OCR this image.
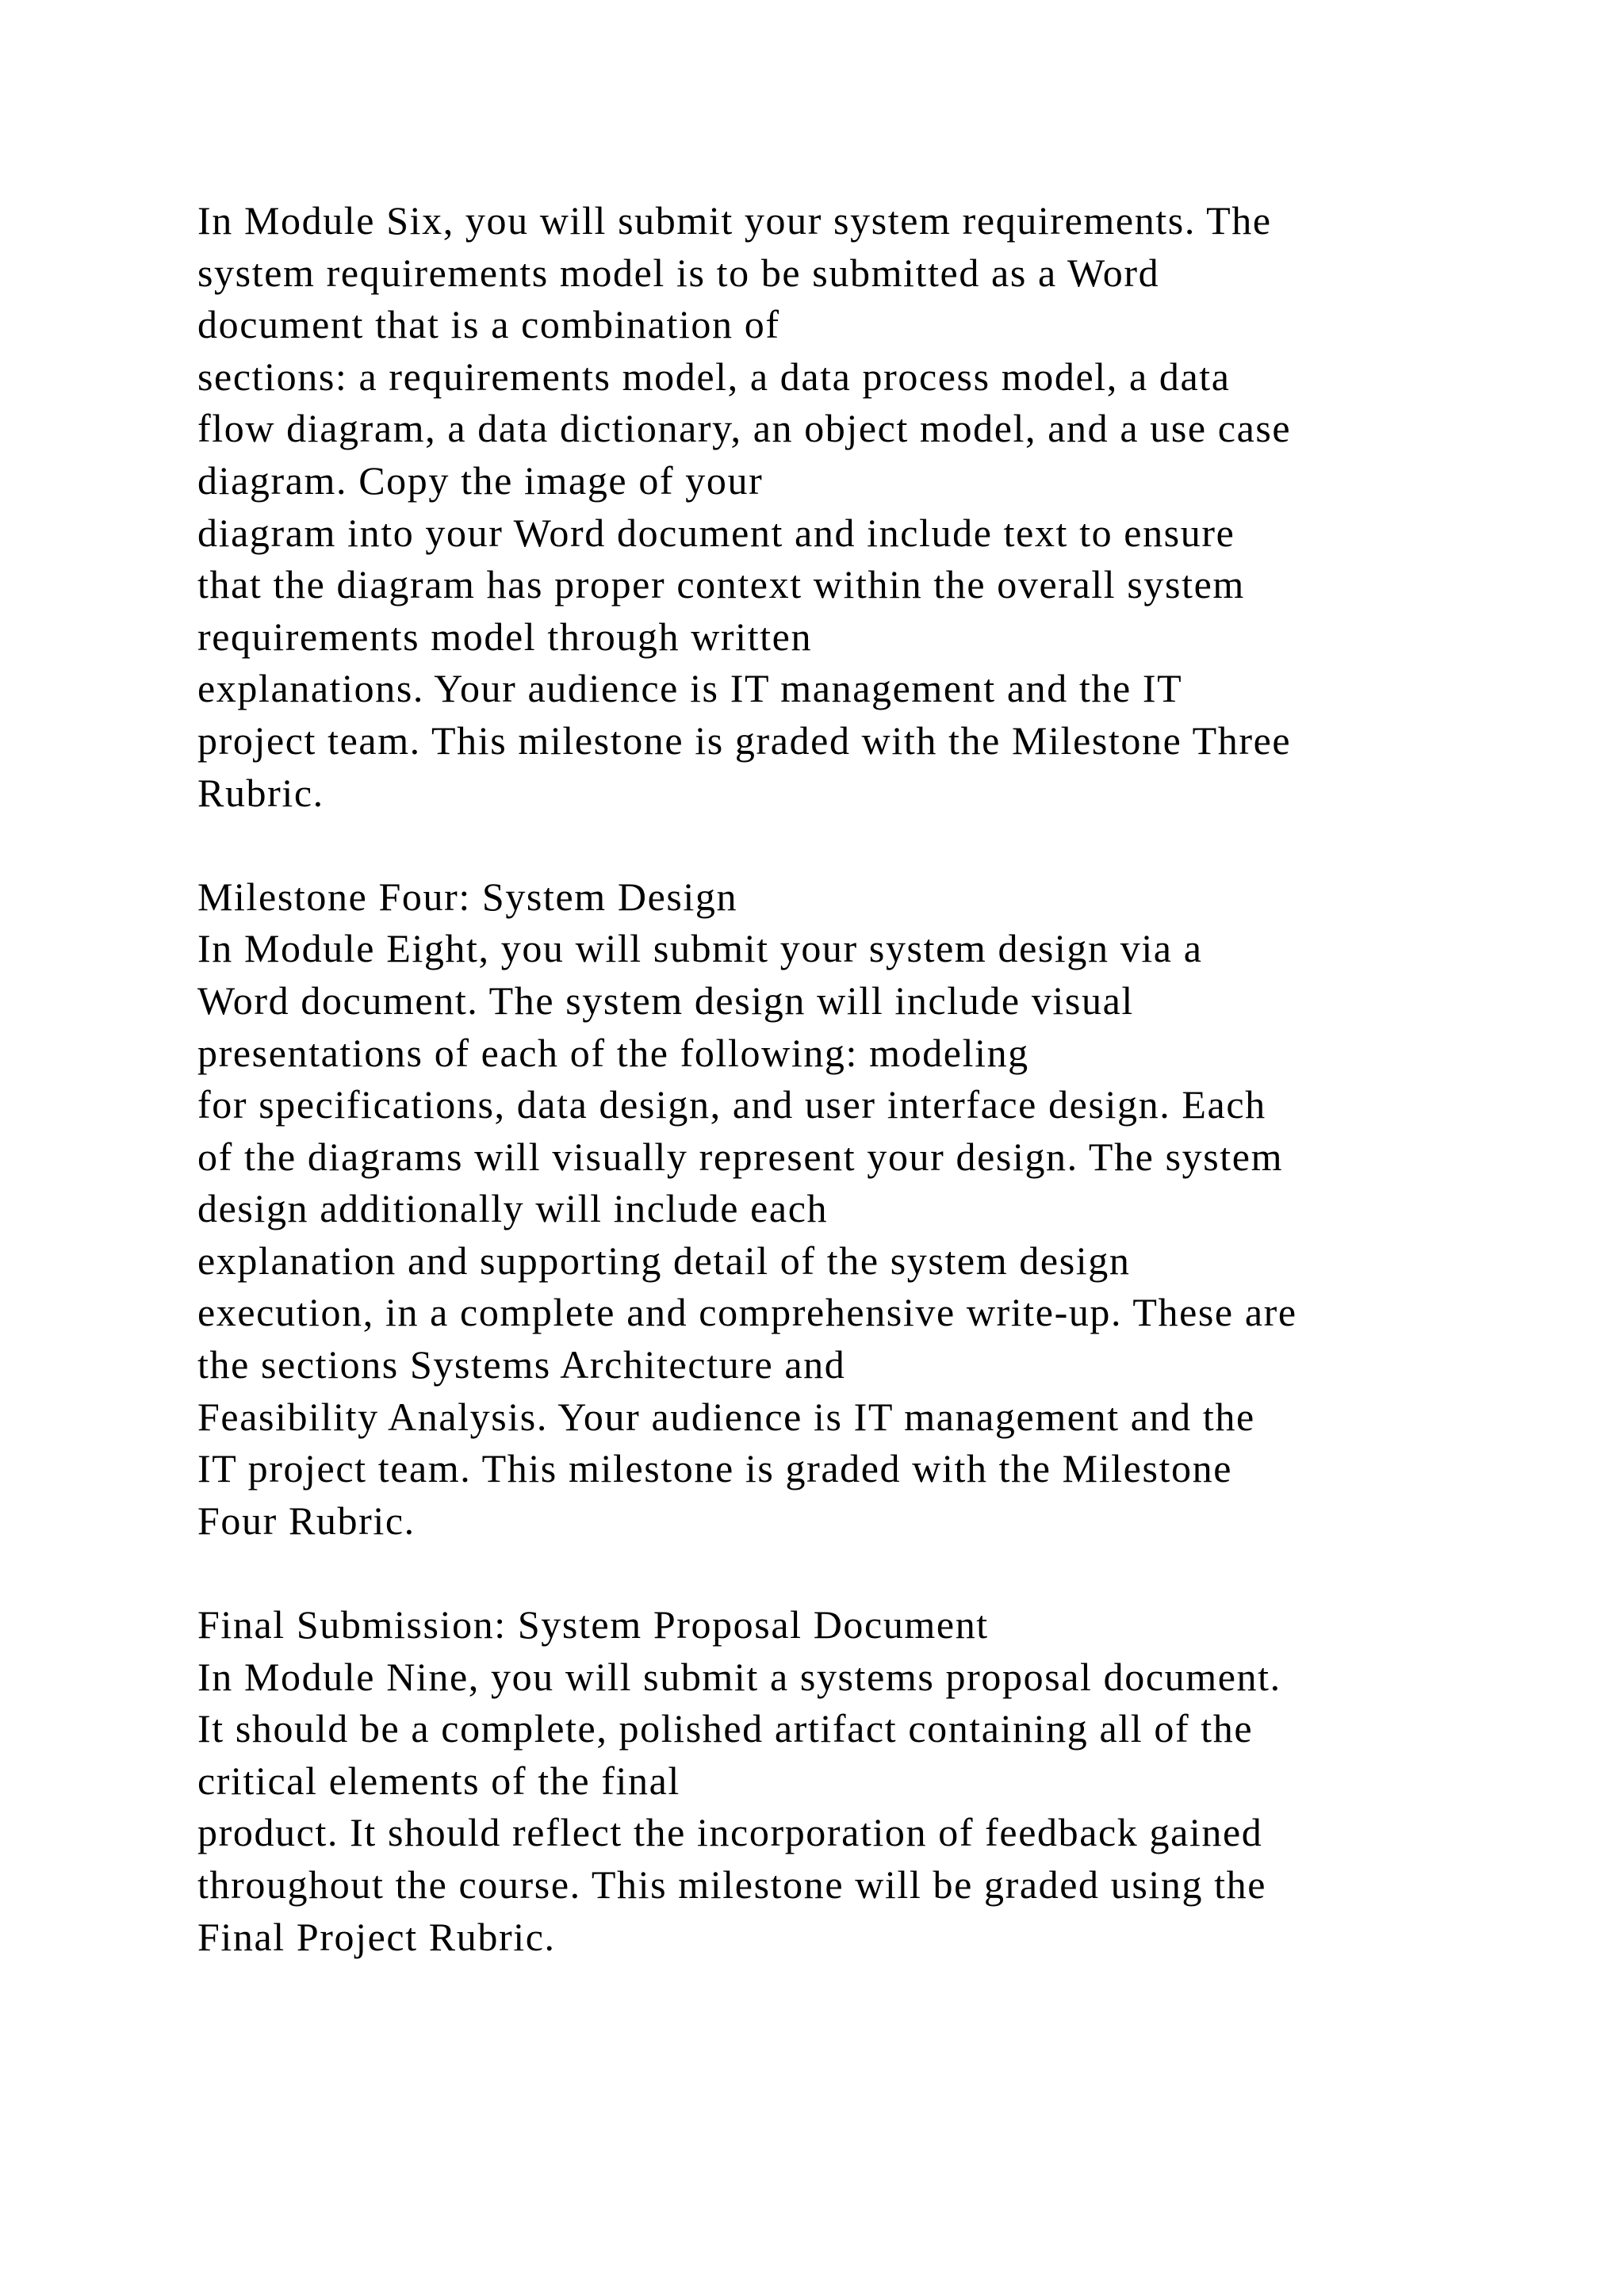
In Module Six, you will submit your system requirements. The
system requirements model is to be submitted as a Word
document that is a combination of
sections: a requirements model, a data process model, a data
flow diagram, a data dictionary, an object model, and a use case
diagram. Copy the image of your
diagram into your Word document and include text to ensure
that the diagram has proper context within the overall system
requirements model through written
explanations. Your audience is IT management and the IT
project team. This milestone is graded with the Milestone Three
Rubric.
Milestone Four: System Design
In Module Eight, you will submit your system design via a
Word document. The system design will include visual
presentations of each of the following: modeling
for specifications, data design, and user interface design. Each
of the diagrams will visually represent your design. The system
design additionally will include each
explanation and supporting detail of the system design
execution, in a complete and comprehensive write-up. These are
the sections Systems Architecture and
Feasibility Analysis. Your audience is IT management and the
IT project team. This milestone is graded with the Milestone
Four Rubric.
Final Submission: System Proposal Document
In Module Nine, you will submit a systems proposal document.
It should be a complete, polished artifact containing all of the
critical elements of the final
product. It should reflect the incorporation of feedback gained
throughout the course. This milestone will be graded using the
Final Project Rubric.
